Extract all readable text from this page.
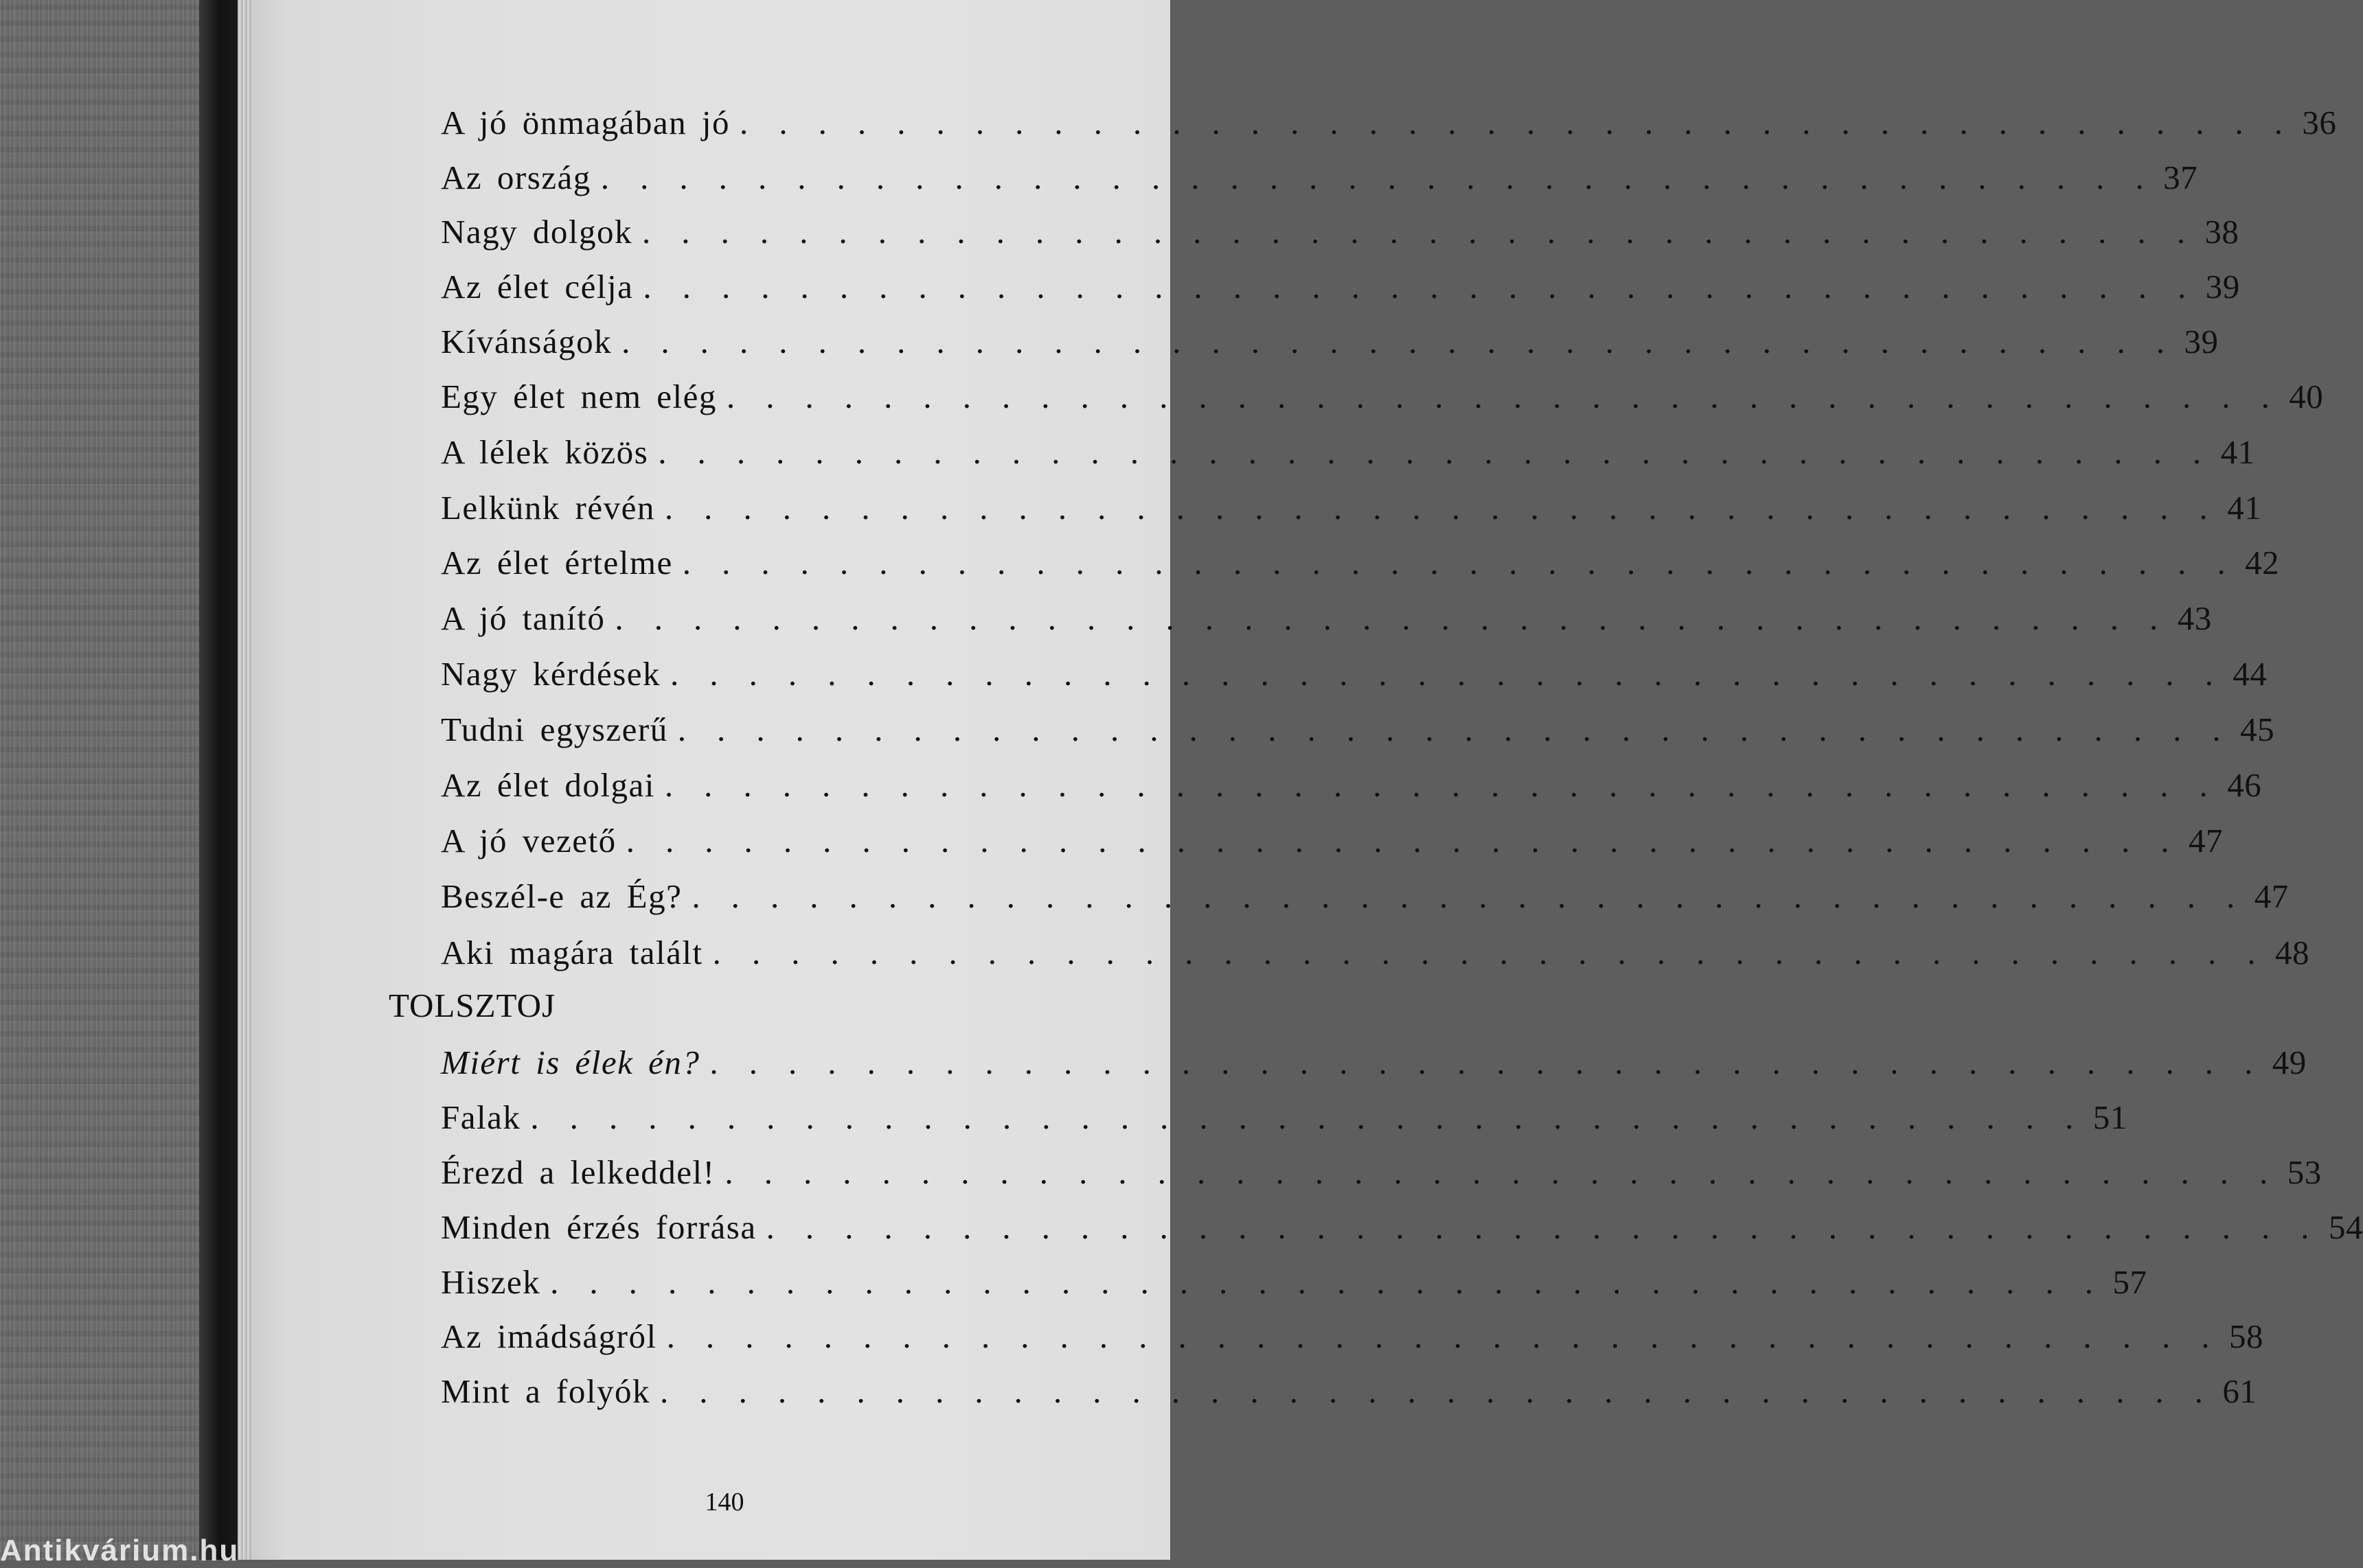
A jó önmagában jó . . . . . . . . . . . . . . . . . . . . . . . . . . . . . . . . . . . . . . . . 36
Az ország . . . . . . . . . . . . . . . . . . . . . . . . . . . . . . . . . . . . . . . . 37
Nagy dolgok . . . . . . . . . . . . . . . . . . . . . . . . . . . . . . . . . . . . . . . . 38
Az élet célja . . . . . . . . . . . . . . . . . . . . . . . . . . . . . . . . . . . . . . . . 39
Kívánságok . . . . . . . . . . . . . . . . . . . . . . . . . . . . . . . . . . . . . . . . 39
Egy élet nem elég . . . . . . . . . . . . . . . . . . . . . . . . . . . . . . . . . . . . . . . . 40
A lélek közös . . . . . . . . . . . . . . . . . . . . . . . . . . . . . . . . . . . . . . . . 41
Lelkünk révén . . . . . . . . . . . . . . . . . . . . . . . . . . . . . . . . . . . . . . . . 41
Az élet értelme . . . . . . . . . . . . . . . . . . . . . . . . . . . . . . . . . . . . . . . . 42
A jó tanító . . . . . . . . . . . . . . . . . . . . . . . . . . . . . . . . . . . . . . . . 43
Nagy kérdések . . . . . . . . . . . . . . . . . . . . . . . . . . . . . . . . . . . . . . . . 44
Tudni egyszerű . . . . . . . . . . . . . . . . . . . . . . . . . . . . . . . . . . . . . . . . 45
Az élet dolgai . . . . . . . . . . . . . . . . . . . . . . . . . . . . . . . . . . . . . . . . 46
A jó vezető . . . . . . . . . . . . . . . . . . . . . . . . . . . . . . . . . . . . . . . . 47
Beszél-e az Ég? . . . . . . . . . . . . . . . . . . . . . . . . . . . . . . . . . . . . . . . . 47
Aki magára talált . . . . . . . . . . . . . . . . . . . . . . . . . . . . . . . . . . . . . . . . 48
TOLSZTOJ
Miért is élek én? . . . . . . . . . . . . . . . . . . . . . . . . . . . . . . . . . . . . . . . . 49
Falak . . . . . . . . . . . . . . . . . . . . . . . . . . . . . . . . . . . . . . . . 51
Érezd a lelkeddel! . . . . . . . . . . . . . . . . . . . . . . . . . . . . . . . . . . . . . . . . 53
Minden érzés forrása . . . . . . . . . . . . . . . . . . . . . . . . . . . . . . . . . . . . . . . . 54
Hiszek . . . . . . . . . . . . . . . . . . . . . . . . . . . . . . . . . . . . . . . . 57
Az imádságról . . . . . . . . . . . . . . . . . . . . . . . . . . . . . . . . . . . . . . . . 58
Mint a folyók . . . . . . . . . . . . . . . . . . . . . . . . . . . . . . . . . . . . . . . . 61
140
Antikvárium.hu
